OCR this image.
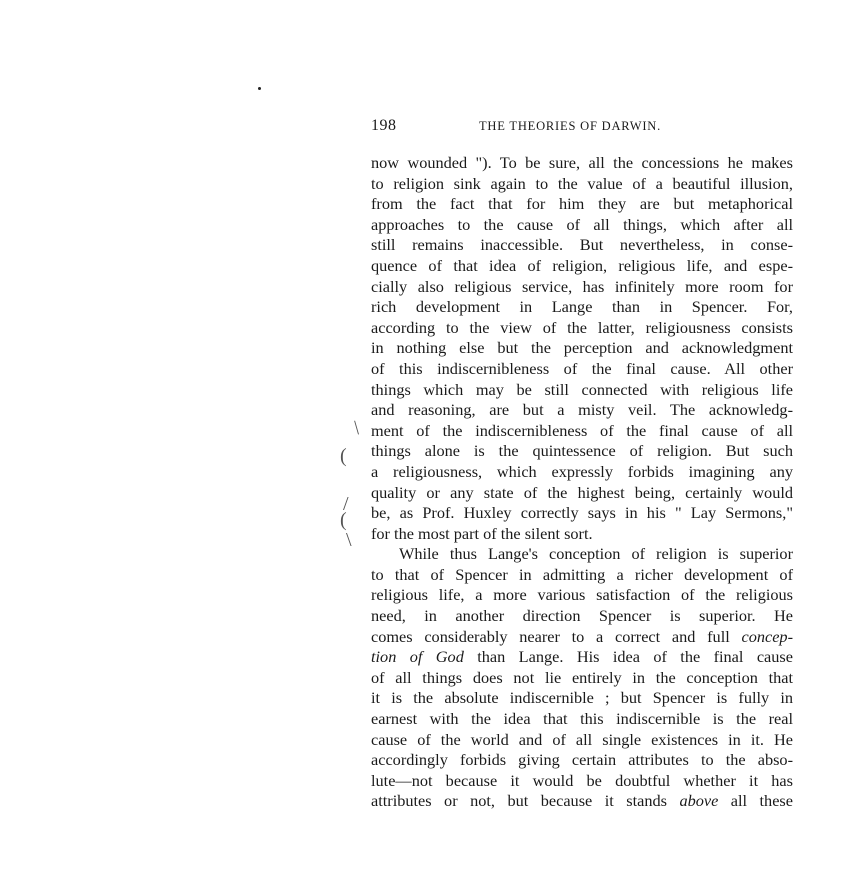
198	THE THEORIES OF DARWIN.
/
(
/
(
\
now wounded "). To be sure, all the concessions he makes
to religion sink again to the value of a beautiful illusion,
from the fact that for him they are but metaphorical
approaches to the cause of all things, which after all
still remains inaccessible. But nevertheless, in conse-
quence of that idea of religion, religious life, and espe-
cially also religious service, has infinitely more room for
rich development in Lange than in Spencer. For,
according to the view of the latter, religiousness consists
in nothing else but the perception and acknowledgment
of this indiscernibleness of the final cause. All other
things which may be still connected with religious life
and reasoning, are but a misty veil. The acknowledg-
ment of the indiscernibleness of the final cause of all
things alone is the quintessence of religion. But such
a religiousness, which expressly forbids imagining any
quality or any state of the highest being, certainly would
be, as Prof. Huxley correctly says in his " Lay Sermons,"
for the most part of the silent sort.
While thus Lange's conception of religion is superior
to that of Spencer in admitting a richer development of
religious life, a more various satisfaction of the religious
need, in another direction Spencer is superior. He
comes considerably nearer to a correct and full concep-
tion of God than Lange. His idea of the final cause
of all things does not lie entirely in the conception that
it is the absolute indiscernible ; but Spencer is fully in
earnest with the idea that this indiscernible is the real
cause of the world and of all single existences in it. He
accordingly forbids giving certain attributes to the abso-
lute—not because it would be doubtful whether it has
attributes or not, but because it stands above all these
